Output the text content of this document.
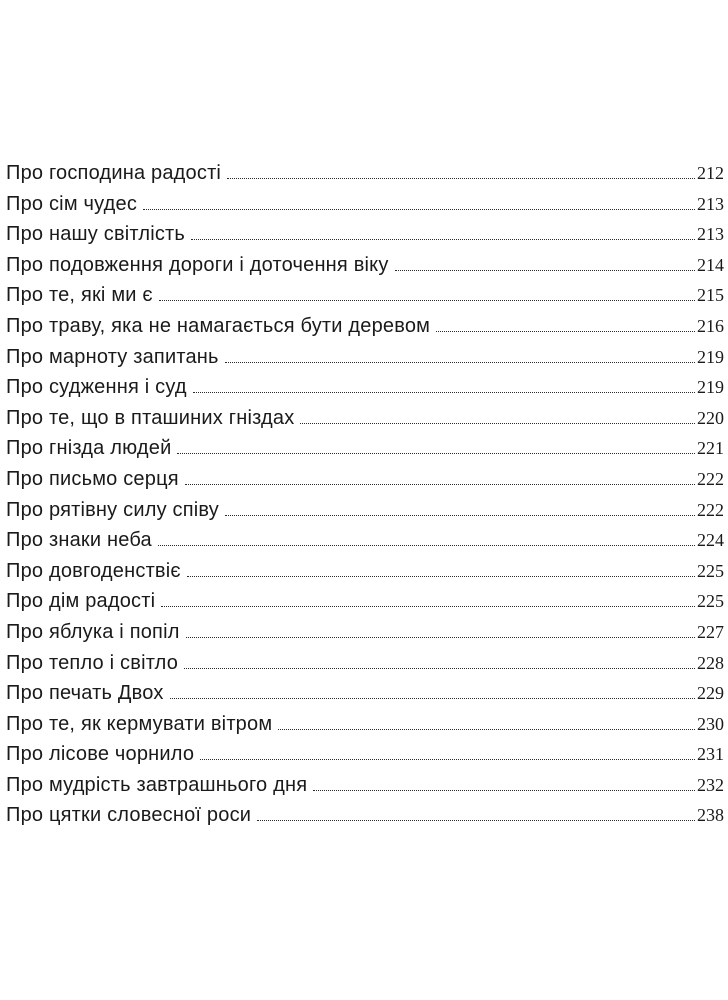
Про господина радості	212
Про сім чудес	213
Про нашу світлість	213
Про подовження дороги і доточення віку	214
Про те, які ми є	215
Про траву, яка не намагається бути деревом	216
Про марноту запитань	219
Про судження і суд	219
Про те, що в пташиних гніздах	220
Про гнізда людей	221
Про письмо серця	222
Про рятівну силу співу	222
Про знаки неба	224
Про довгоденствіє	225
Про дім радості	225
Про яблука і попіл	227
Про тепло і світло	228
Про печать Двох	229
Про те, як кермувати вітром	230
Про лісове чорнило	231
Про мудрість завтрашнього дня	232
Про цятки словесної роси	238
